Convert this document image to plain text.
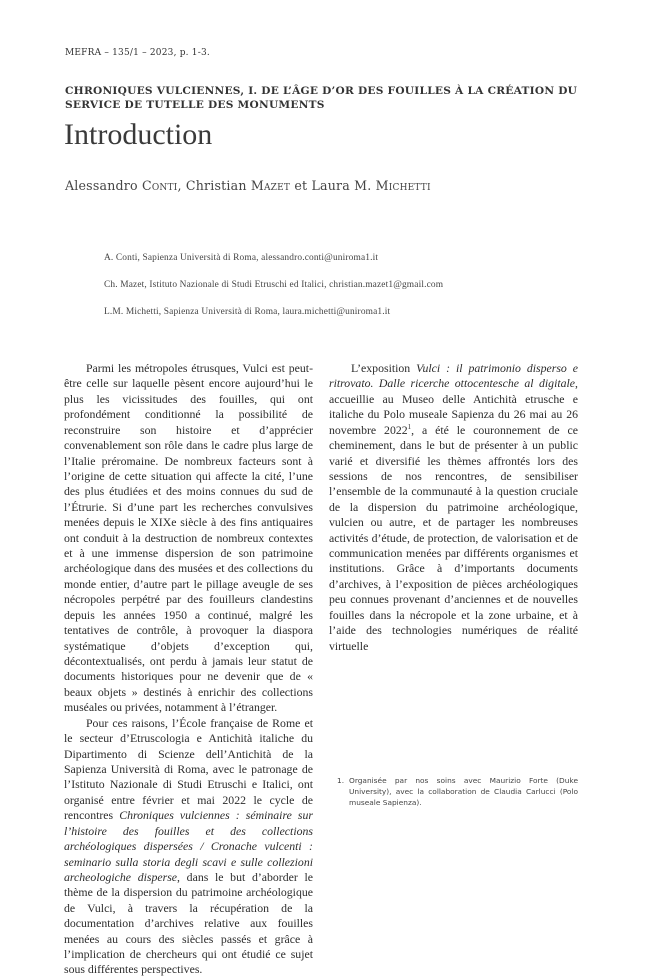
MEFRA – 135/1 – 2023, p. 1-3.
CHRONIQUES VULCIENNES, I. DE L’ÂGE D’OR DES FOUILLES À LA CRÉATION DU SERVICE DE TUTELLE DES MONUMENTS
Introduction
Alessandro Conti, Christian Mazet et Laura M. Michetti
A. Conti, Sapienza Università di Roma, alessandro.conti@uniroma1.it
Ch. Mazet, Istituto Nazionale di Studi Etruschi ed Italici, christian.mazet1@gmail.com
L.M. Michetti, Sapienza Università di Roma, laura.michetti@uniroma1.it

Parmi les métropoles étrusques, Vulci est peut-être celle sur laquelle pèsent encore aujourd’hui le plus les vicissitudes des fouilles, qui ont profondément conditionné la possibilité de reconstruire son histoire et d’apprécier convenablement son rôle dans le cadre plus large de l’Italie préromaine. De nombreux facteurs sont à l’origine de cette situation qui affecte la cité, l’une des plus étudiées et des moins connues du sud de l’Étrurie. Si d’une part les recherches convulsives menées depuis le XIXe siècle à des fins antiquaires ont conduit à la destruction de nombreux contextes et à une immense dispersion de son patrimoine archéologique dans des musées et des collections du monde entier, d’autre part le pillage aveugle de ses nécropoles perpétré par des fouilleurs clandestins depuis les années 1950 a continué, malgré les tentatives de contrôle, à provoquer la diaspora systématique d’objets d’exception qui, décontextualisés, ont perdu à jamais leur statut de documents historiques pour ne devenir que de « beaux objets » destinés à enrichir des collections muséales ou privées, notamment à l’étranger.

Pour ces raisons, l’École française de Rome et le secteur d’Etruscologia e Antichità italiche du Dipartimento di Scienze dell’Antichità de la Sapienza Università di Roma, avec le patronage de l’Istituto Nazionale di Studi Etruschi e Italici, ont organisé entre février et mai 2022 le cycle de rencontres Chroniques vulciennes : séminaire sur l’histoire des fouilles et des collections archéologiques dispersées / Cronache vulcenti : seminario sulla storia degli scavi e sulle collezioni archeologiche disperse, dans le but d’aborder le thème de la dispersion du patrimoine archéologique de Vulci, à travers la récupération de la documentation d’archives relative aux fouilles menées au cours des siècles passés et grâce à l’implication de chercheurs qui ont étudié ce sujet sous différentes perspectives.

L’exposition Vulci : il patrimonio disperso e ritrovato. Dalle ricerche ottocentesche al digitale, accueillie au Museo delle Antichità etrusche e italiche du Polo museale Sapienza du 26 mai au 26 novembre 2022$^1$, a été le couronnement de ce cheminement, dans le but de présenter à un public varié et diversifié les thèmes affrontés lors des sessions de nos rencontres, de sensibiliser l’ensemble de la communauté à la question cruciale de la dispersion du patrimoine archéologique, vulcien ou autre, et de partager les nombreuses activités d’étude, de protection, de valorisation et de communication menées par différents organismes et institutions. Grâce à d’importants documents d’archives, à l’exposition de pièces archéologiques peu connues provenant d’anciennes et de nouvelles fouilles dans la nécropole et la zone urbaine, et à l’aide des technologies numériques de réalité virtuelle

1. Organisée par nos soins avec Maurizio Forte (Duke University), avec la collaboration de Claudia Carlucci (Polo museale Sapienza).
